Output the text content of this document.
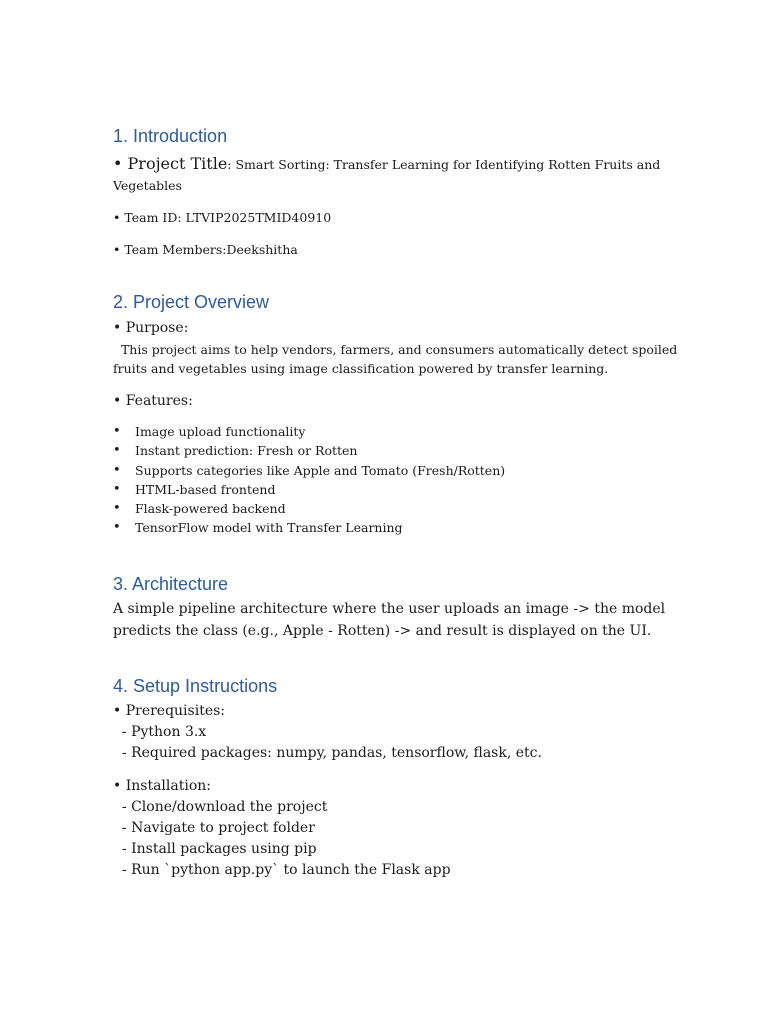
1. Introduction
• Project Title: Smart Sorting: Transfer Learning for Identifying Rotten Fruits and
Vegetables
• Team ID: LTVIP2025TMID40910
• Team Members:Deekshitha
2. Project Overview
• Purpose:
This project aims to help vendors, farmers, and consumers automatically detect spoiled
fruits and vegetables using image classification powered by transfer learning.
• Features:
• Image upload functionality
• Instant prediction: Fresh or Rotten
• Supports categories like Apple and Tomato (Fresh/Rotten)
• HTML-based frontend
• Flask-powered backend
• TensorFlow model with Transfer Learning
3. Architecture
A simple pipeline architecture where the user uploads an image -> the model
predicts the class (e.g., Apple - Rotten) -> and result is displayed on the UI.
4. Setup Instructions
• Prerequisites:
- Python 3.x
- Required packages: numpy, pandas, tensorflow, flask, etc.
• Installation:
- Clone/download the project
- Navigate to project folder
- Install packages using pip
- Run `python app.py` to launch the Flask app
